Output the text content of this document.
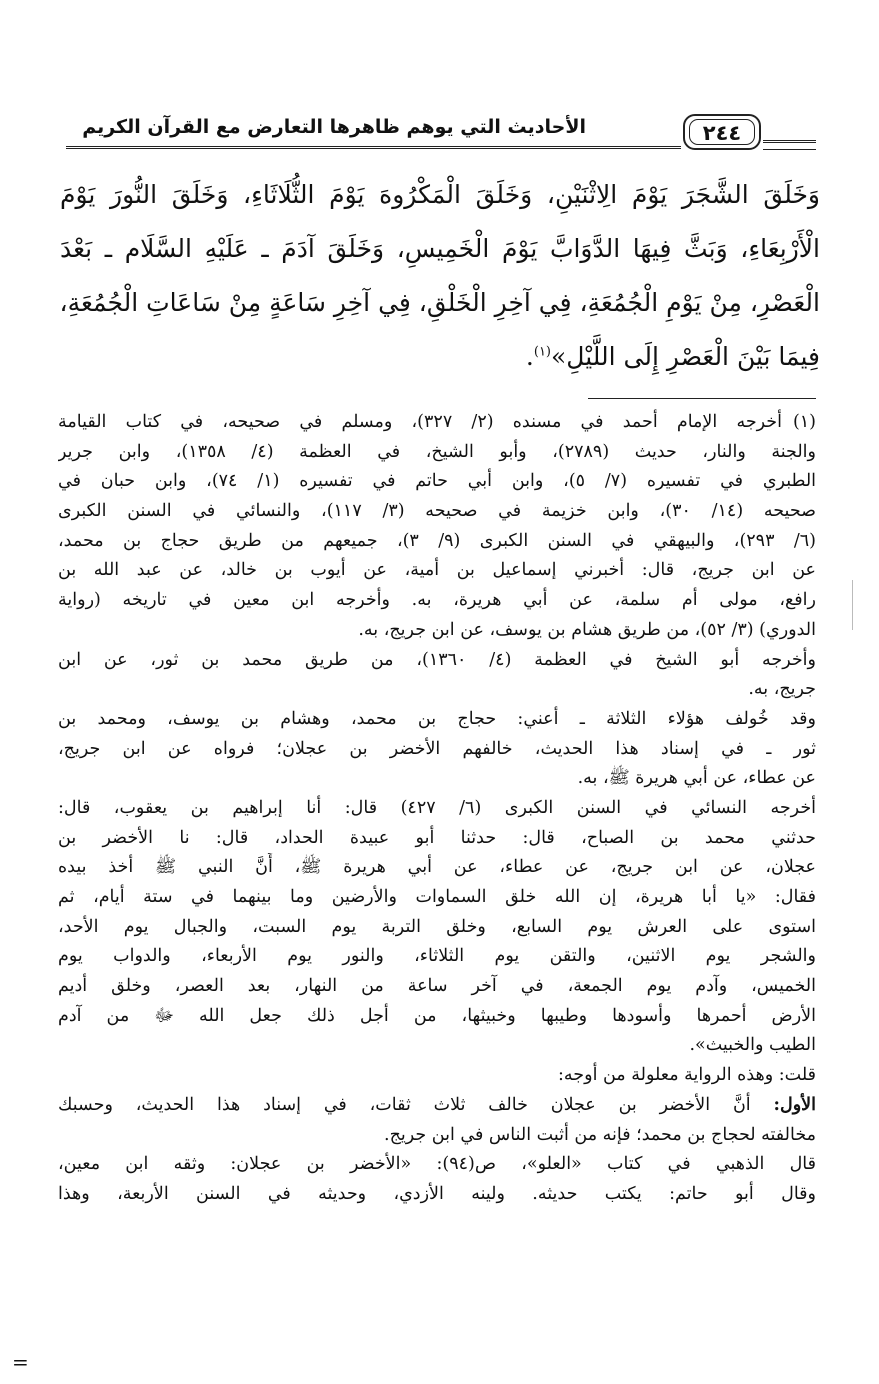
الأحاديث التي يوهم ظاهرها التعارض مع القرآن الكريم	٢٤٤
وَخَلَقَ الشَّجَرَ يَوْمَ الِاثْنَيْنِ، وَخَلَقَ الْمَكْرُوهَ يَوْمَ الثُّلَاثَاءِ، وَخَلَقَ النُّورَ يَوْمَ
الْأَرْبِعَاءِ، وَبَثَّ فِيهَا الدَّوَابَّ يَوْمَ الْخَمِيسِ، وَخَلَقَ آدَمَ ـ عَلَيْهِ السَّلَام ـ بَعْدَ
الْعَصْرِ، مِنْ يَوْمِ الْجُمُعَةِ، فِي آخِرِ الْخَلْقِ، فِي آخِرِ سَاعَةٍ مِنْ سَاعَاتِ الْجُمُعَةِ،
فِيمَا بَيْنَ الْعَصْرِ إِلَى اللَّيْلِ»$^{(١)}$.
(١)
أخرجه الإمام أحمد في مسنده (٢/ ٣٢٧)، ومسلم في صحيحه، في كتاب القيامة
والجنة والنار، حديث (٢٧٨٩)، وأبو الشيخ، في العظمة (٤/ ١٣٥٨)، وابن جرير
الطبري في تفسيره (٧/ ٥)، وابن أبي حاتم في تفسيره (١/ ٧٤)، وابن حبان في
صحيحه (١٤/ ٣٠)، وابن خزيمة في صحيحه (٣/ ١١٧)، والنسائي في السنن الكبرى
(٦/ ٢٩٣)، والبيهقي في السنن الكبرى (٩/ ٣)، جميعهم من طريق حجاج بن محمد،
عن ابن جريج، قال: أخبرني إسماعيل بن أمية، عن أيوب بن خالد، عن عبد الله بن
رافع، مولى أم سلمة، عن أبي هريرة، به. وأخرجه ابن معين في تاريخه (رواية
الدوري) (٣/ ٥٢)، من طريق هشام بن يوسف، عن ابن جريج، به.
وأخرجه أبو الشيخ في العظمة (٤/ ١٣٦٠)، من طريق محمد بن ثور، عن ابن
جريج، به.
وقد خُولف هؤلاء الثلاثة ـ أعني: حجاج بن محمد، وهشام بن يوسف، ومحمد بن
ثور ـ في إسناد هذا الحديث، خالفهم الأخضر بن عجلان؛ فرواه عن ابن جريج،
عن عطاء، عن أبي هريرة ﷺ، به.
أخرجه النسائي في السنن الكبرى (٦/ ٤٢٧) قال: أنا إبراهيم بن يعقوب، قال:
حدثني محمد بن الصباح، قال: حدثنا أبو عبيدة الحداد، قال: نا الأخضر بن
عجلان، عن ابن جريج، عن عطاء، عن أبي هريرة ﷺ، أَنَّ النبي ﷺ أخذ بيده
فقال: «يا أبا هريرة، إن الله خلق السماوات والأرضين وما بينهما في ستة أيام، ثم
استوى على العرش يوم السابع، وخلق التربة يوم السبت، والجبال يوم الأحد،
والشجر يوم الاثنين، والتقن يوم الثلاثاء، والنور يوم الأربعاء، والدواب يوم
الخميس، وآدم يوم الجمعة، في آخر ساعة من النهار، بعد العصر، وخلق أديم
الأرض أحمرها وأسودها وطيبها وخبيثها، من أجل ذلك جعل الله ﷻ من آدم
الطيب والخبيث».
قلت: وهذه الرواية معلولة من أوجه:
الأول: أنَّ الأخضر بن عجلان خالف ثلاث ثقات، في إسناد هذا الحديث، وحسبك
مخالفته لحجاج بن محمد؛ فإنه من أثبت الناس في ابن جريج.
قال الذهبي في كتاب «العلو»، ص(٩٤): «الأخضر بن عجلان: وثقه ابن معين،
وقال أبو حاتم: يكتب حديثه. ولينه الأزدي، وحديثه في السنن الأربعة، وهذا
=
